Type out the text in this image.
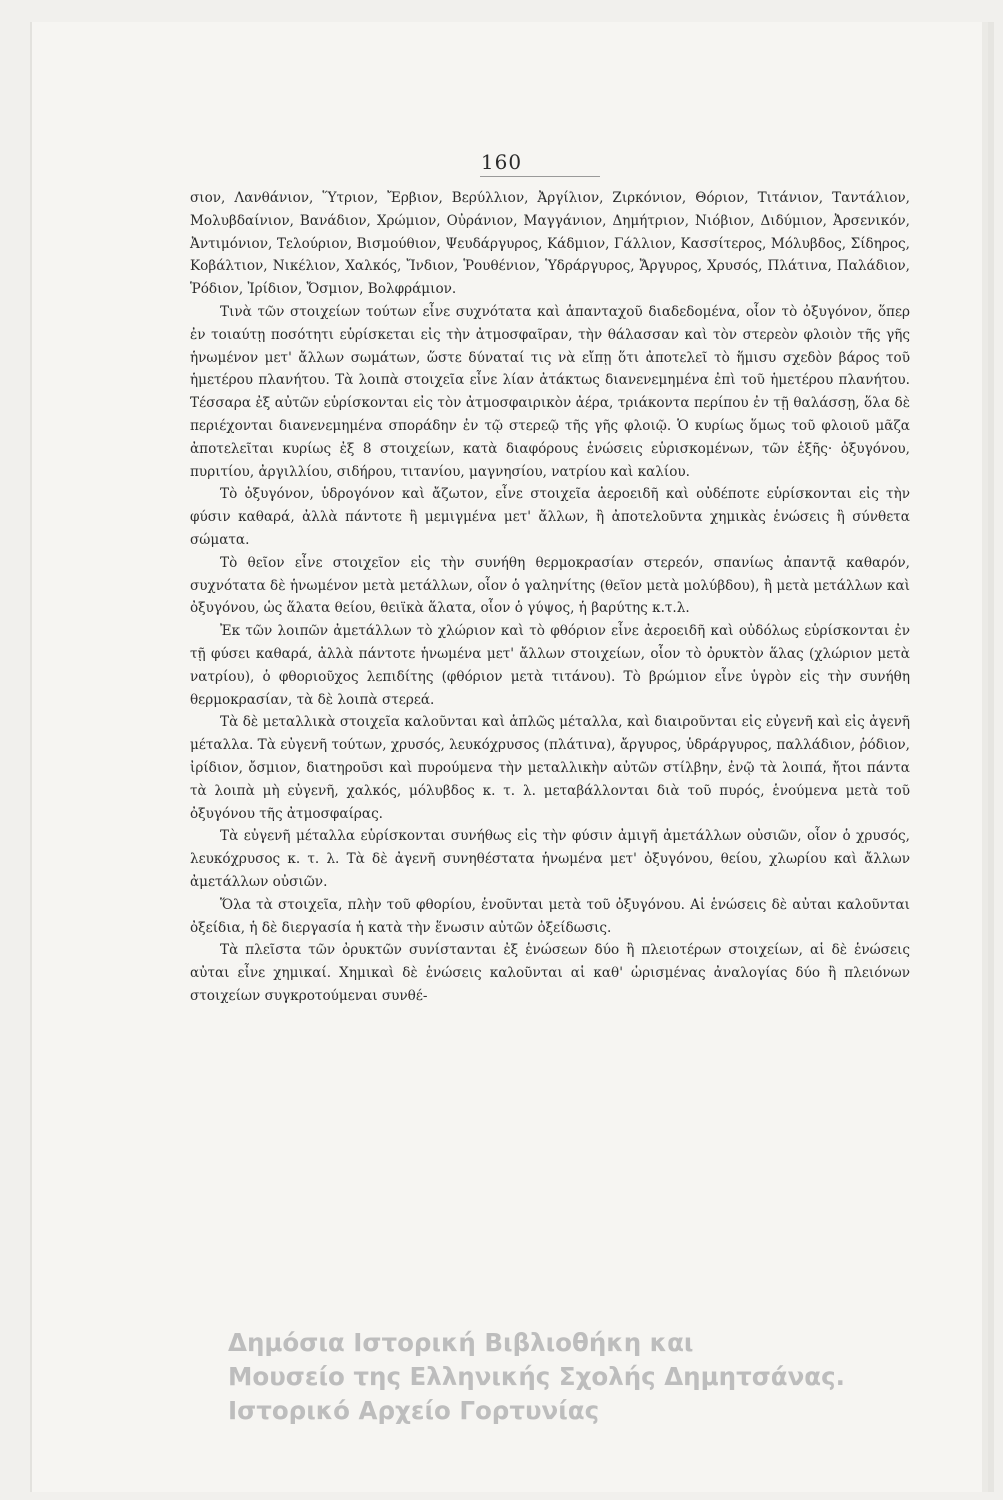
160

σιον, Λανθάνιον, Ὕτριον, Ἔρβιον, Βερύλλιον, Ἀργίλιον, Ζιρκόνιον, Θόριον, Τιτάνιον, Ταντάλιον, Μολυβδαίνιον, Βανάδιον, Χρώμιον, Οὐράνιον, Μαγγάνιον, Δημήτριον, Νιόβιον, Διδύμιον, Ἀρσενικόν, Ἀντιμόνιον, Τελούριον, Βισμούθιον, Ψευδάργυρος, Κάδμιον, Γάλλιον, Κασσίτερος, Μόλυβδος, Σίδηρος, Κοβάλτιον, Νικέλιον, Χαλκός, Ἴνδιον, Ῥουθένιον, Ὑδράργυρος, Ἄργυρος, Χρυσός, Πλάτινα, Παλάδιον, Ῥόδιον, Ἰρίδιον, Ὄσμιον, Βολφράμιον.

Τινὰ τῶν στοιχείων τούτων εἶνε συχνότατα καὶ ἁπανταχοῦ διαδεδομένα, οἷον τὸ ὀξυγόνον, ὅπερ ἐν τοιαύτῃ ποσότητι εὑρίσκεται εἰς τὴν ἀτμοσφαῖραν, τὴν θάλασσαν καὶ τὸν στερεὸν φλοιὸν τῆς γῆς ἡνωμένον μετ' ἄλλων σωμάτων, ὥστε δύναταί τις νὰ εἴπῃ ὅτι ἀποτελεῖ τὸ ἥμισυ σχεδὸν βάρος τοῦ ἡμετέρου πλανήτου. Τὰ λοιπὰ στοιχεῖα εἶνε λίαν ἀτάκτως διανενεμημένα ἐπὶ τοῦ ἡμετέρου πλανήτου. Τέσσαρα ἐξ αὐτῶν εὑρίσκονται εἰς τὸν ἀτμοσφαιρικὸν ἀέρα, τριάκοντα περίπου ἐν τῇ θαλάσσῃ, ὅλα δὲ περιέχονται διανενεμημένα σποράδην ἐν τῷ στερεῷ τῆς γῆς φλοιῷ. Ὁ κυρίως ὅμως τοῦ φλοιοῦ μᾶζα ἀποτελεῖται κυρίως ἐξ 8 στοιχείων, κατὰ διαφόρους ἑνώσεις εὑρισκομένων, τῶν ἑξῆς· ὀξυγόνου, πυριτίου, ἀργιλλίου, σιδήρου, τιτανίου, μαγνησίου, νατρίου καὶ καλίου.

Τὸ ὀξυγόνον, ὑδρογόνον καὶ ἄζωτον, εἶνε στοιχεῖα ἀεροειδῆ καὶ οὐδέποτε εὑρίσκονται εἰς τὴν φύσιν καθαρά, ἀλλὰ πάντοτε ἢ μεμιγμένα μετ' ἄλλων, ἢ ἀποτελοῦντα χημικὰς ἑνώσεις ἢ σύνθετα σώματα.

Τὸ θεῖον εἶνε στοιχεῖον εἰς τὴν συνήθη θερμοκρασίαν στερεόν, σπανίως ἀπαντᾷ καθαρόν, συχνότατα δὲ ἡνωμένον μετὰ μετάλλων, οἷον ὁ γαληνίτης (θεῖον μετὰ μολύβδου), ἢ μετὰ μετάλλων καὶ ὀξυγόνου, ὡς ἅλατα θείου, θειϊκὰ ἅλατα, οἷον ὁ γύψος, ἡ βαρύτης κ.τ.λ.

Ἐκ τῶν λοιπῶν ἀμετάλλων τὸ χλώριον καὶ τὸ φθόριον εἶνε ἀεροειδῆ καὶ οὐδόλως εὑρίσκονται ἐν τῇ φύσει καθαρά, ἀλλὰ πάντοτε ἡνωμένα μετ' ἄλλων στοιχείων, οἷον τὸ ὀρυκτὸν ἅλας (χλώριον μετὰ νατρίου), ὁ φθοριοῦχος λεπιδίτης (φθόριον μετὰ τιτάνου). Τὸ βρώμιον εἶνε ὑγρὸν εἰς τὴν συνήθη θερμοκρασίαν, τὰ δὲ λοιπὰ στερεά.

Τὰ δὲ μεταλλικὰ στοιχεῖα καλοῦνται καὶ ἁπλῶς μέταλλα, καὶ διαιροῦνται εἰς εὐγενῆ καὶ εἰς ἀγενῆ μέταλλα. Τὰ εὐγενῆ τούτων, χρυσός, λευκόχρυσος (πλάτινα), ἄργυρος, ὑδράργυρος, παλλάδιον, ῥόδιον, ἰρίδιον, ὄσμιον, διατηροῦσι καὶ πυρούμενα τὴν μεταλλικὴν αὐτῶν στίλβην, ἐνῷ τὰ λοιπά, ἤτοι πάντα τὰ λοιπὰ μὴ εὐγενῆ, χαλκός, μόλυβδος κ. τ. λ. μεταβάλλονται διὰ τοῦ πυρός, ἑνούμενα μετὰ τοῦ ὀξυγόνου τῆς ἀτμοσφαίρας.

Τὰ εὐγενῆ μέταλλα εὑρίσκονται συνήθως εἰς τὴν φύσιν ἀμιγῆ ἀμετάλλων οὐσιῶν, οἷον ὁ χρυσός, λευκόχρυσος κ. τ. λ. Τὰ δὲ ἀγενῆ συνηθέστατα ἡνωμένα μετ' ὀξυγόνου, θείου, χλωρίου καὶ ἄλλων ἀμετάλλων οὐσιῶν.

Ὅλα τὰ στοιχεῖα, πλὴν τοῦ φθορίου, ἑνοῦνται μετὰ τοῦ ὀξυγόνου. Αἱ ἑνώσεις δὲ αὐται καλοῦνται ὀξείδια, ἡ δὲ διεργασία ἡ κατὰ τὴν ἕνωσιν αὐτῶν ὀξείδωσις.

Τὰ πλεῖστα τῶν ὀρυκτῶν συνίστανται ἐξ ἑνώσεων δύο ἢ πλειοτέρων στοιχείων, αἱ δὲ ἑνώσεις αὐται εἶνε χημικαί. Χημικαὶ δὲ ἑνώσεις καλοῦνται αἱ καθ' ὡρισμένας ἀναλογίας δύο ἢ πλειόνων στοιχείων συγκροτούμεναι συνθέ-

Δημόσια Ιστορική Βιβλιοθήκη και
Μουσείο της Ελληνικής Σχολής Δημητσάνας.
Ιστορικό Αρχείο Γορτυνίας
